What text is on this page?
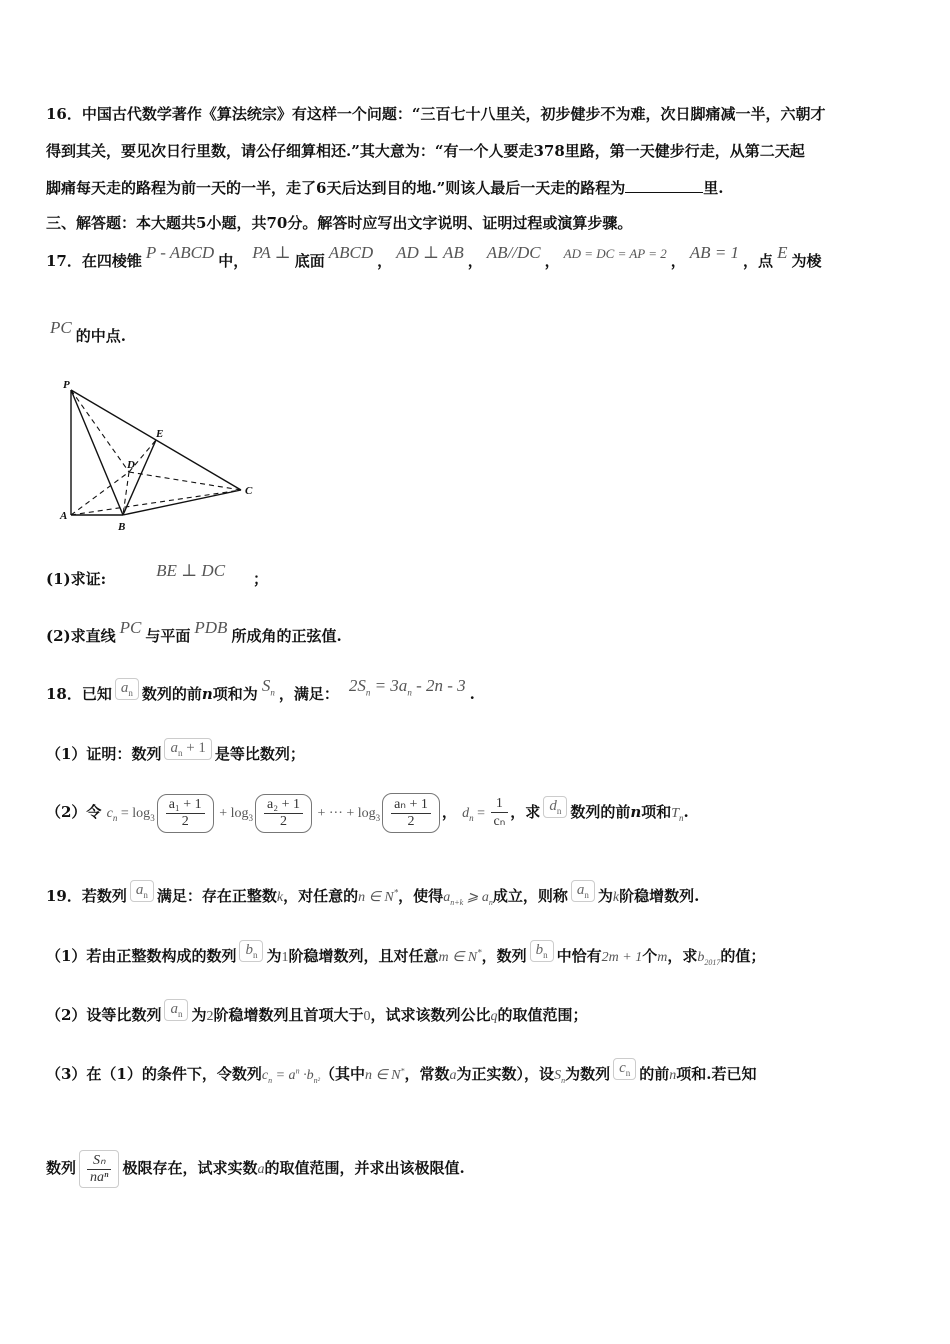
16．中国古代数学著作《算法统宗》有这样一个问题：“三百七十八里关，初步健步不为难，次日脚痛减一半，六朝才
得到其关，要见次日行里数，请公仔细算相还.”其大意为：“有一个人要走378里路，第一天健步行走，从第二天起
脚痛每天走的路程为前一天的一半，走了6天后达到目的地.”则该人最后一天走的路程为	里.
三、解答题：本大题共5小题，共70分。解答时应写出文字说明、证明过程或演算步骤。
17．在四棱锥 P - ABCD 中， PA ⊥ 底面 ABCD ， AD ⊥ AB ， AB//DC ， AD = DC = AP = 2 ， AB = 1 ，点 E 为棱
PC 的中点.
P
E
D
C
A
B
(1)求证:	BE ⊥ DC ；
(2)求直线 PC 与平面 PDB 所成角的正弦值.
18．已知 $a_n$ 数列的前n项和为 $S_n$ ，满足： $2S_n = 3a_n - 2n - 3$ .
（1）证明：数列 $a_n + 1$ 是等比数列；
（2）令 $c_n = \log_3 \frac{\text{a₁ + 1}}{2} + \log_3 \frac{\text{a₂ + 1}}{2}$ + ··· + $\log_3 \frac{\text{aₙ + 1}}{2}$ ， $d_n = \frac{1}{\text{cₙ}}$ ，求 $d_n$ 数列的前n项和$T_n$.
19．若数列 $a_n$ 满足：存在正整数k，对任意的n ∈ N*，使得$a_{n+k}$ ⩾ $a_n$成立，则称 $a_n$ 为k阶稳增数列.
（1）若由正整数构成的数列 $b_n$ 为1阶稳增数列，且对任意m ∈ N*，数列 $b_n$ 中恰有2m + 1个m，求$b_{2017}$的值；
（2）设等比数列 $a_n$ 为2阶稳增数列且首项大于0，试求该数列公比q的取值范围；
（3）在（1）的条件下，令数列$c_n = a^n \cdot b_{n^2}$（其中n ∈ N*，常数a为正实数），设$S_n$为数列 $c_n$ 的前n项和.若已知
数列 $\frac{\text{Sₙ}}{\text{naⁿ}}$ 极限存在，试求实数a的取值范围，并求出该极限值.
